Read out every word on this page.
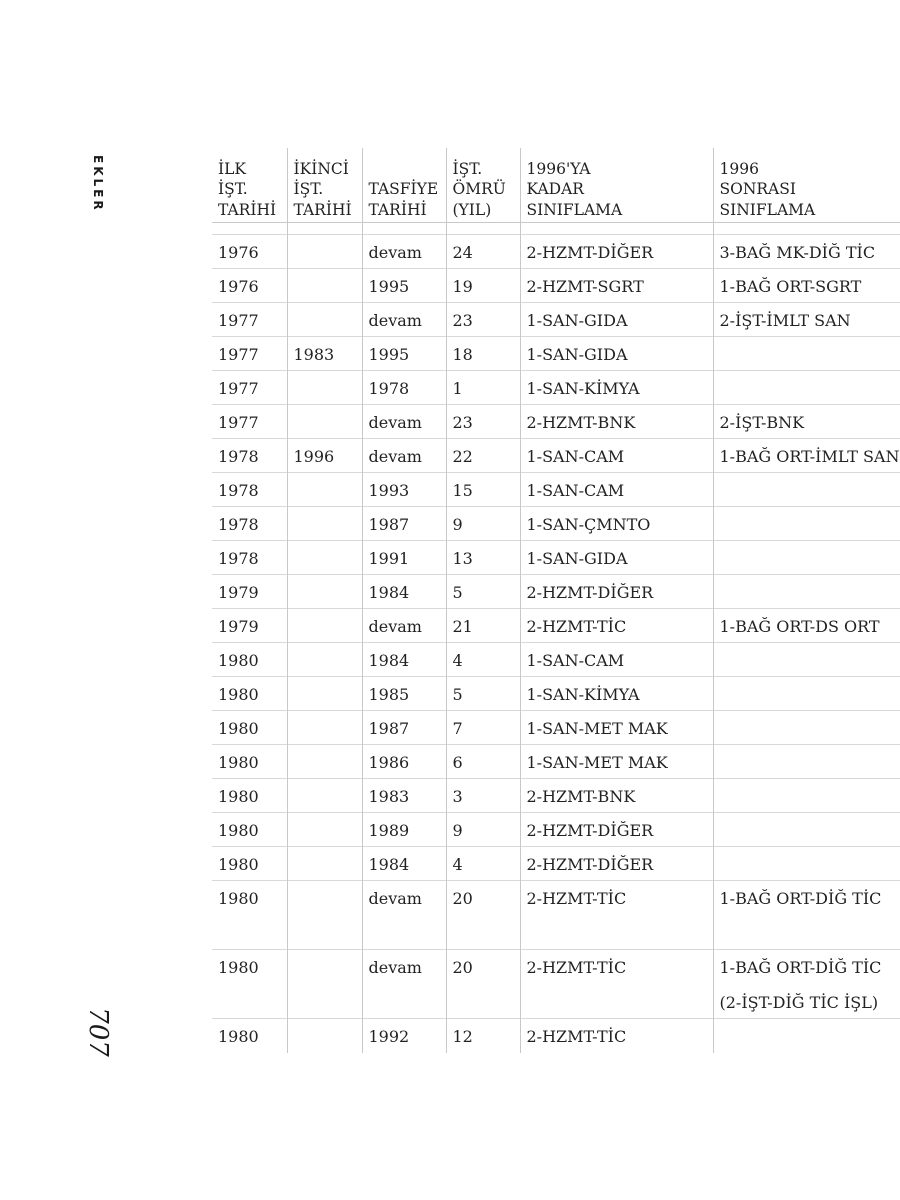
EKLER
707
İLK
İŞT.
TARİHİ	İKİNCİ
İŞT.
TARİHİ	TASFİYE
TARİHİ	İŞT.
ÖMRÜ
(YIL)	1996'YA
KADAR
SINIFLAMA	1996
SONRASI
SINIFLAMA

1976		devam	24	2-HZMT-DİĞER	3-BAĞ MK-DİĞ TİC

1976		1995	19	2-HZMT-SGRT	1-BAĞ ORT-SGRT

1977		devam	23	1-SAN-GIDA	2-İŞT-İMLT SAN

1977	1983	1995	18	1-SAN-GIDA	

1977		1978	1	1-SAN-KİMYA	

1977		devam	23	2-HZMT-BNK	2-İŞT-BNK

1978	1996	devam	22	1-SAN-CAM	1-BAĞ ORT-İMLT SAN

1978		1993	15	1-SAN-CAM	

1978		1987	9	1-SAN-ÇMNTO	

1978		1991	13	1-SAN-GIDA	

1979		1984	5	2-HZMT-DİĞER	

1979		devam	21	2-HZMT-TİC	1-BAĞ ORT-DS ORT

1980		1984	4	1-SAN-CAM	

1980		1985	5	1-SAN-KİMYA	

1980		1987	7	1-SAN-MET MAK	

1980		1986	6	1-SAN-MET MAK	

1980		1983	3	2-HZMT-BNK	

1980		1989	9	2-HZMT-DİĞER	

1980		1984	4	2-HZMT-DİĞER	

1980		devam	20	2-HZMT-TİC	1-BAĞ ORT-DİĞ TİC

1980		devam	20	2-HZMT-TİC	1-BAĞ ORT-DİĞ TİC
(2-İŞT-DİĞ TİC İŞL)

1980		1992	12	2-HZMT-TİC	
